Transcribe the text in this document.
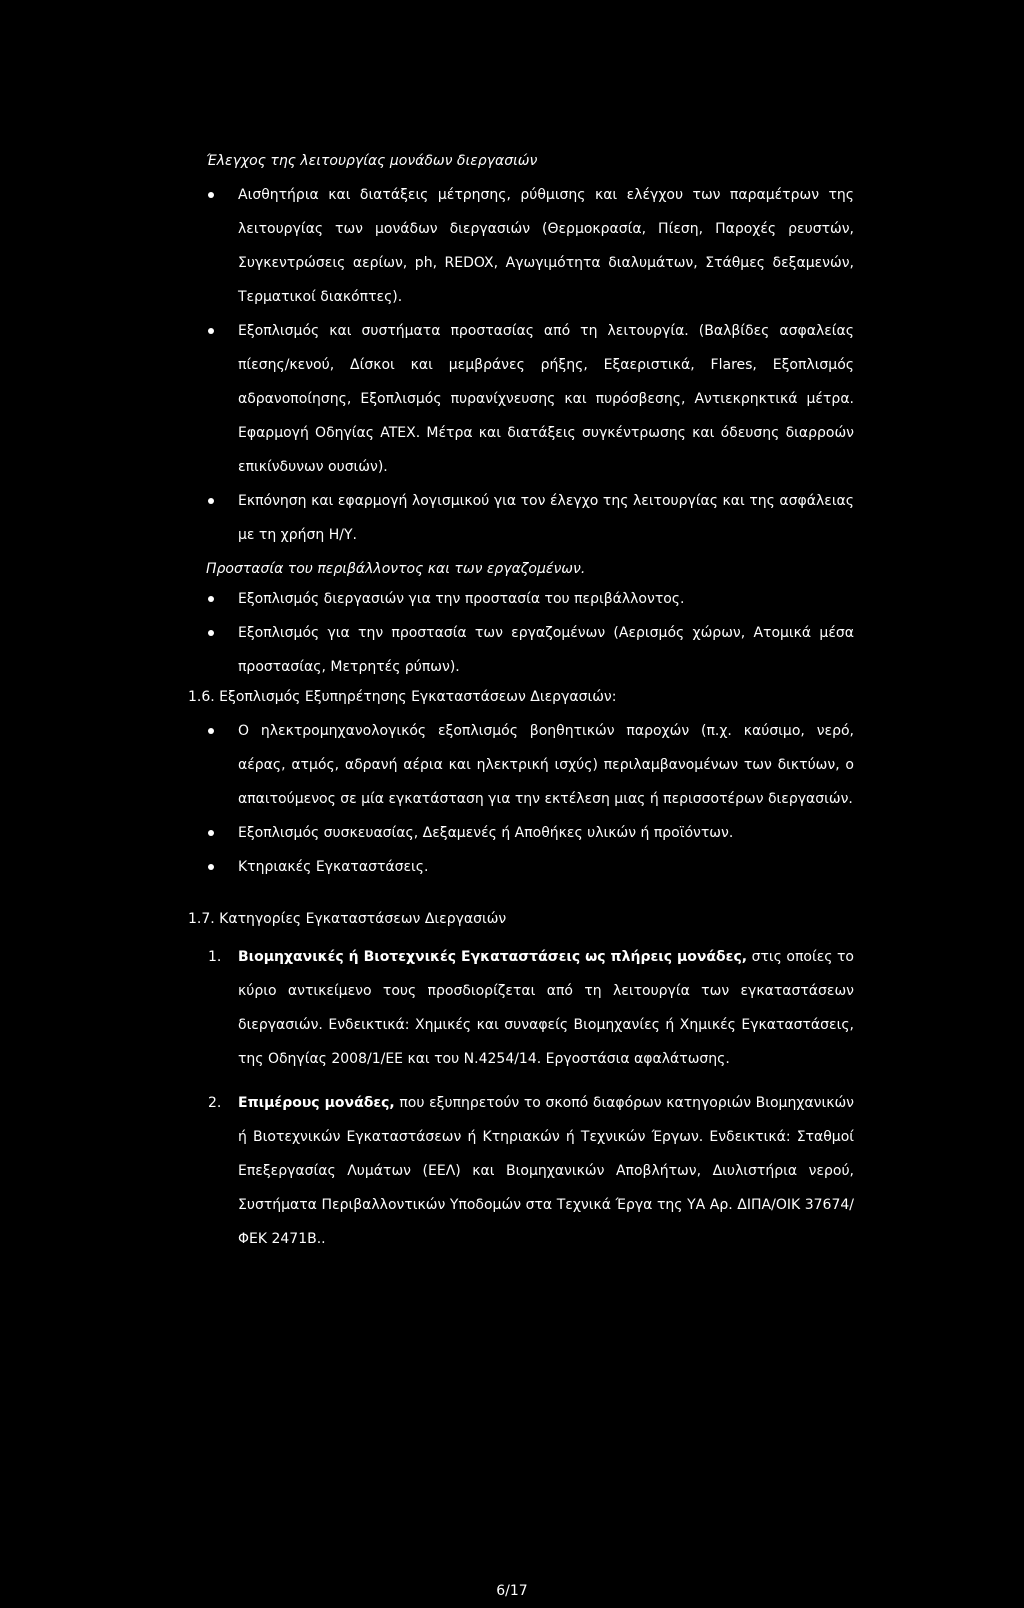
Έλεγχος της λειτουργίας μονάδων διεργασιών

Αισθητήρια και διατάξεις μέτρησης, ρύθμισης και ελέγχου των παραμέτρων της λειτουργίας των μονάδων διεργασιών (Θερμοκρασία, Πίεση, Παροχές ρευστών, Συγκεντρώσεις αερίων, ph, REDOX, Αγωγιμότητα διαλυμάτων, Στάθμες δεξαμενών, Τερματικοί διακόπτες).
Εξοπλισμός και συστήματα προστασίας από τη λειτουργία. (Βαλβίδες ασφαλείας πίεσης/κενού, Δίσκοι και μεμβράνες ρήξης, Εξαεριστικά, Flares, Εξοπλισμός αδρανοποίησης, Εξοπλισμός πυρανίχνευσης και πυρόσβεσης, Αντιεκρηκτικά μέτρα. Εφαρμογή Οδηγίας ATEX. Μέτρα και διατάξεις συγκέντρωσης και όδευσης διαρροών επικίνδυνων ουσιών).
Εκπόνηση και εφαρμογή λογισμικού για τον έλεγχο της λειτουργίας και της ασφάλειας με τη χρήση Η/Υ.

Προστασία του περιβάλλοντος και των εργαζομένων.

Εξοπλισμός διεργασιών για την προστασία του περιβάλλοντος.
Εξοπλισμός για την προστασία των εργαζομένων (Αερισμός χώρων, Ατομικά μέσα προστασίας, Μετρητές ρύπων).

1.6. Εξοπλισμός Εξυπηρέτησης Εγκαταστάσεων Διεργασιών:

Ο ηλεκτρομηχανολογικός εξοπλισμός βοηθητικών παροχών (π.χ. καύσιμο, νερό, αέρας, ατμός, αδρανή αέρια και ηλεκτρική ισχύς) περιλαμβανομένων των δικτύων, ο απαιτούμενος σε μία εγκατάσταση για την εκτέλεση μιας ή περισσοτέρων διεργασιών.
Εξοπλισμός συσκευασίας, Δεξαμενές ή Αποθήκες υλικών ή προϊόντων.
Κτηριακές Εγκαταστάσεις.

1.7. Κατηγορίες Εγκαταστάσεων Διεργασιών

1. Βιομηχανικές ή Βιοτεχνικές Εγκαταστάσεις ως πλήρεις μονάδες, στις οποίες το κύριο αντικείμενο τους προσδιορίζεται από τη λειτουργία των εγκαταστάσεων διεργασιών. Ενδεικτικά: Χημικές και συναφείς Βιομηχανίες ή Χημικές Εγκαταστάσεις, της Οδηγίας 2008/1/ΕΕ και του Ν.4254/14. Εργοστάσια αφαλάτωσης.
2. Επιμέρους μονάδες, που εξυπηρετούν το σκοπό διαφόρων κατηγοριών Βιομηχανικών ή Βιοτεχνικών Εγκαταστάσεων ή Κτηριακών ή Τεχνικών Έργων. Ενδεικτικά: Σταθμοί Επεξεργασίας Λυμάτων (ΕΕΛ) και Βιομηχανικών Αποβλήτων, Διυλιστήρια νερού, Συστήματα Περιβαλλοντικών Υποδομών στα Τεχνικά Έργα της ΥΑ Αρ. ΔΙΠΑ/ΟΙΚ 37674/ΦΕΚ 2471Β..
6/17
